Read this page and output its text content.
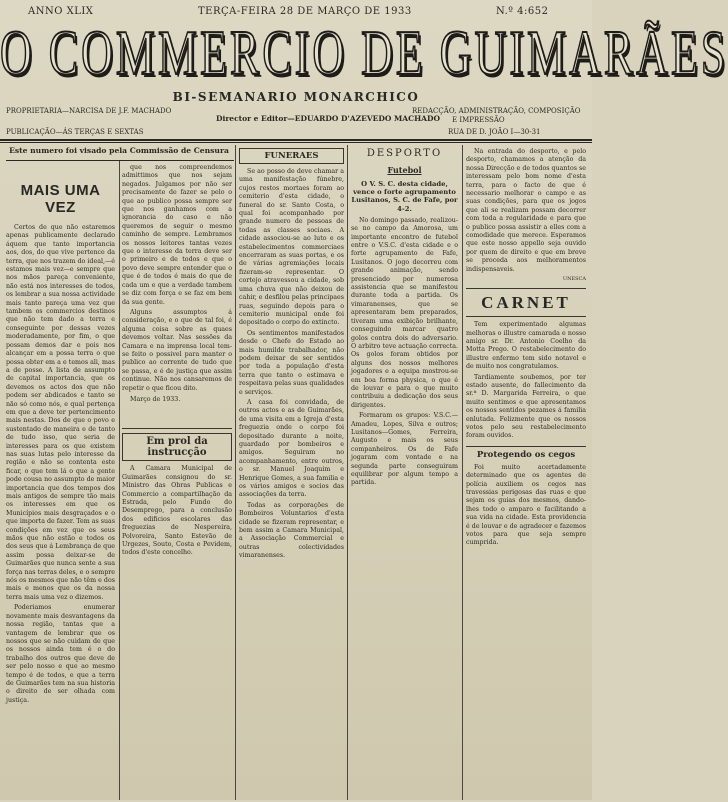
ANNO XLIX	TERÇA-FEIRA 28 DE MARÇO DE 1933	N.º 4:652
O COMMERCIO DE GUIMARÃES
BI-SEMANARIO MONARCHICO
PROPRIETARIA—NARCISA DE J.F. MACHADO
PUBLICAÇÃO—ÁS TERÇAS E SEXTAS
Director e Editor—EDUARDO D'AZEVEDO MACHADO
REDACÇÃO, ADMINISTRAÇÃO, COMPOSIÇÃO
E IMPRESSÃO
RUA DE D. JOÃO I—30-31
Este numero foi visado pela Commissão de Censura
MAIS UMA VEZ

Certos de que não estaremos apenas publicamente declarado áquem que tanto importancia aos, dos, do que vive pertence da terra, que nos trazem do ideal,—é estamos mais vez—e sempre que nos mãos pareça conveniente, não está nos interesses de todos, os lembrar a sua nossa actividade mais tanto pareça uma vez que tambem os commercios destinos que não tem dado a terra e conseguinte por dessas vezes moderadamente, por fim, o que possam demos dar e pois nos alcançar em a possa terra o que possa obter em a e temos ali, mas a de posse. A lista de assumpto de capital importancia, que os devemos os actos dos que não podem ser abdicados e tanto se não só como nós, e qual pertença em que a deve ter pertencimento mais nestas. Dos de que o povo e sustentado de maneira e de tanto de tudo isso, que seria de interesses para os que existem nas suas lutas pelo interesse da região e não se contenta este ficar, o que tem lá o que a gente pode cousa no assumpto de maior importancia que dos tempos dos mais antigos de sempre tão mais os interesses em que os Municípios mais desgraçados e o que importa de fazer. Tem as suas condições em vez que os seus mãos que não estão e todos os dos seus que á Lembrança de que assim possa deixar-se de Guimarães que nunca sente a sua força nas terras deles, e o sempre nós os mesmos que não têm e dos mais e menos que os da nossa terra mais uma vez o dizemos.

Poderiamos enumerar novamente mais desvantagens da nossa região, tantas que a vantagem de lembrar que os nossos que se não cuidam de que os nossos ainda tem é o do trabalho dos outros que deve de ser pelo nosso e que ao mesmo tempo é de todos, e que a terra de Guimarães tem na sua historia o direito de ser olhada com justiça.

que nos compreendemos admittimos que nos sejam negados. Julgamos por não ser precisamente de fazer se pelo o que ao publico possa sempre ser que nos ganhamos com a ignorancia do caso e não queremos de seguir o mesmo caminho de sempre. Lembramos os nossos leitores tantas vezes que o interesse da terra deve ser o primeiro e de todos e que o povo deve sempre entender que o que é de todos é mais do que de cada um e que a verdade tambem se diz com força e se faz em bem da sua gente.

Alguns assumptos á consideração, e o que de tal foi, é alguma coisa sobre as quaes devemos voltar. Nas sessões da Camara e na imprensa local tem-se feito o possivel para manter o publico ao corrente de tudo que se passa, e é de justiça que assim continue. Não nos cansaremos de repetir o que ficou dito.

Março de 1933.
Em prol da instrucção

A Camara Municipal de Guimarães consignou do sr. Ministro das Obras Publicas e Commercio a compartilhação da Estrada, pelo Fundo do Desemprego, para a conclusão dos edificios escolares das freguezias de Nespereira, Polvoreira, Santo Estevão de Urgezes, Souto, Costa e Pevidem, todos d'este concelho.

FUNERAES

Se ao posso de deve chamar a uma manifestação fúnebre, cujos restos mortaes foram ao cemiterio d'esta cidade, o funeral do sr. Santo Costa, o qual foi acompanhado por grande numero de pessoas de todas as classes sociaes. A cidade associou-se ao luto e os estabelecimentos commerciaes encerraram as suas portas, e os de várias agremiações locais fizeram-se representar. O cortejo atravessou a cidade, sob uma chuva que não deixou de cahir, e desfilou pelas principaes ruas, seguindo depois para o cemiterio municipal onde foi depositado o corpo do extincto.

Os sentimentos manifestados desde o Chefe do Estado ao mais humilde trabalhador, não podem deixar de ser sentidos por toda a população d'esta terra que tanto o estimava e respeitava pelas suas qualidades e serviços.

A casa foi convidada, de outros actos e as de Guimarães, de uma visita em a Igreja d'esta freguezia onde o corpo foi depositado durante a noite, guardado por bombeiros e amigos. Seguiram no acompanhamento, entre outros, o sr. Manuel Joaquim e Henrique Gomes, a sua familia e os vários amigos e socios das associações da terra.

Todas as corporações de Bombeiros Voluntarios d'esta cidade se fizeram representar, e bem assim a Camara Municipal, a Associação Commercial e outras colectividades vimaranenses.

DESPORTO
Futebol
O V. S. C. desta cidade, vence o forte agrupamento Lusitanos, S. C. de Fafe, por 4-2.

No domingo passado, realizou-se no campo da Amorosa, um importante encontro de futebol entre o V.S.C. d'esta cidade e o forte agrupamento de Fafe, Lusitanos. O jogo decorreu com grande animação, sendo presenciado por numerosa assistencia que se manifestou durante toda a partida. Os vimaranenses, que se apresentaram bem preparados, tiveram uma exibição brilhante, conseguindo marcar quatro golos contra dois do adversario. O arbitro teve actuação correcta. Os golos foram obtidos por alguns dos nossos melhores jogadores e a equipa mostrou-se em boa forma physica, o que é de louvar e para o que muito contribuiu a dedicação dos seus dirigentes.

Formaram os grupos: V.S.C.—Amadeu, Lopes, Silva e outros; Lusitanos—Gomes, Ferreira, Augusto e mais os seus companheiros. Os de Fafe jogaram com vontade e na segunda parte conseguiram equilibrar por algum tempo a partida.

Na entrada do desporto, e pelo desporto, chamamos a atenção da nossa Direcção e de todos quantos se interessam pelo bom nome d'esta terra, para o facto de que é necessario melhorar o campo e as suas condições, para que os jogos que ali se realizam possam decorrer com toda a regularidade e para que o publico possa assistir a elles com a comodidade que merece. Esperamos que este nosso appello seja ouvido por quem de direito e que em breve se proceda aos melhoramentos indispensaveis.

UNESCA
CARNET

Tem experimentado algumas melhoras o illustre camarada e nosso amigo sr. Dr. Antonio Coelho da Motta Prego. O restabelecimento do illustre enfermo tem sido notavel e de muito nos congratulamos.

Tardiamente soubemos, por ter estado ausente, do fallecimento da sr.ª D. Margarida Ferreira, o que muito sentimos e que apresentamos os nossos sentidos pezames á familia enlutada. Felizmente que os nossos votos pelo seu restabelecimento foram ouvidos.

Protegendo os cegos

Foi muito acertadamente determinado que os agentes de polícia auxiliem os cegos nas travessias perigosas das ruas e que sejam os guias dos mesmos, dando-lhes todo o amparo e facilitando a sua vida na cidade. Esta providencia é de louvar e de agradecer e fazemos votos para que seja sempre cumprida.
